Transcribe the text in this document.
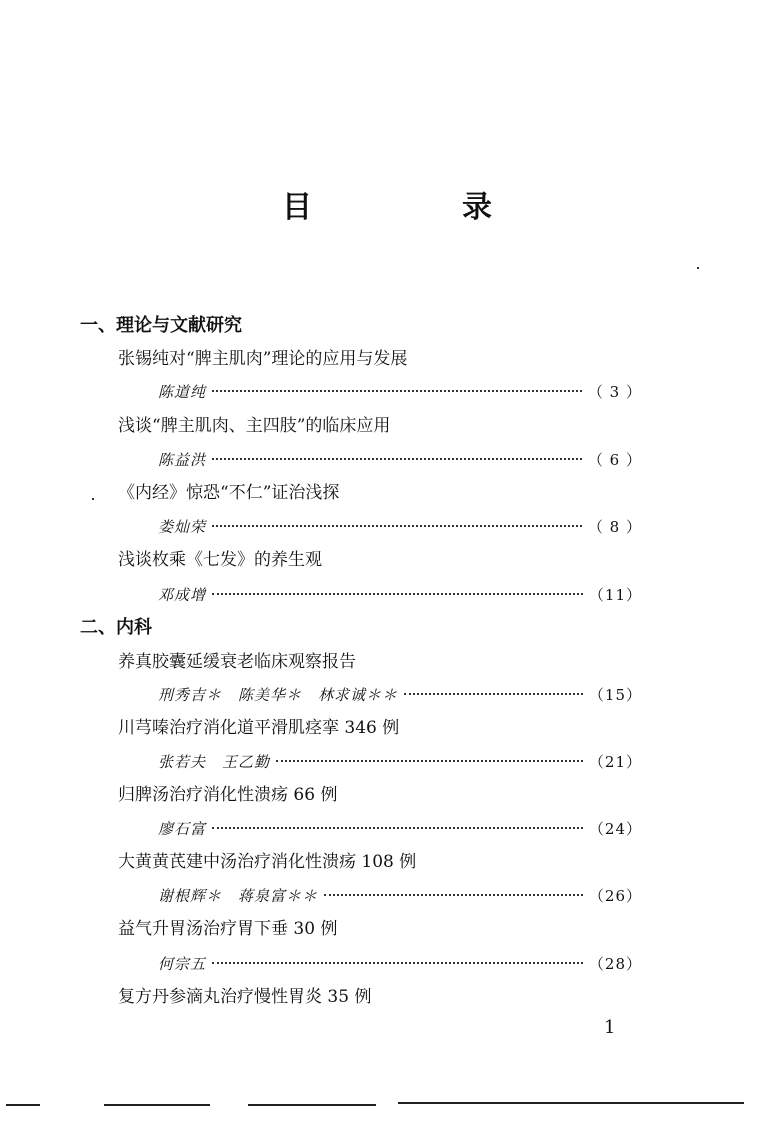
目　录
一、理论与文献研究
张锡纯对“脾主肌肉”理论的应用与发展
陈道纯	（ 3 ）
浅谈“脾主肌肉、主四肢”的临床应用
陈益洪	（ 6 ）
《内经》惊恐“不仁”证治浅探
娄灿荣	（ 8 ）
浅谈枚乘《七发》的养生观
邓成增	（11）
二、内科
养真胶囊延缓衰老临床观察报告
刑秀吉＊　陈美华＊　林求诚＊＊	（15）
川芎嗪治疗消化道平滑肌痉挛 346 例
张若夫　王乙勤	（21）
归脾汤治疗消化性溃疡 66 例
廖石富	（24）
大黄黄芪建中汤治疗消化性溃疡 108 例
谢根辉＊　蒋泉富＊＊	（26）
益气升胃汤治疗胃下垂 30 例
何宗五	（28）
复方丹参滴丸治疗慢性胃炎 35 例
1
